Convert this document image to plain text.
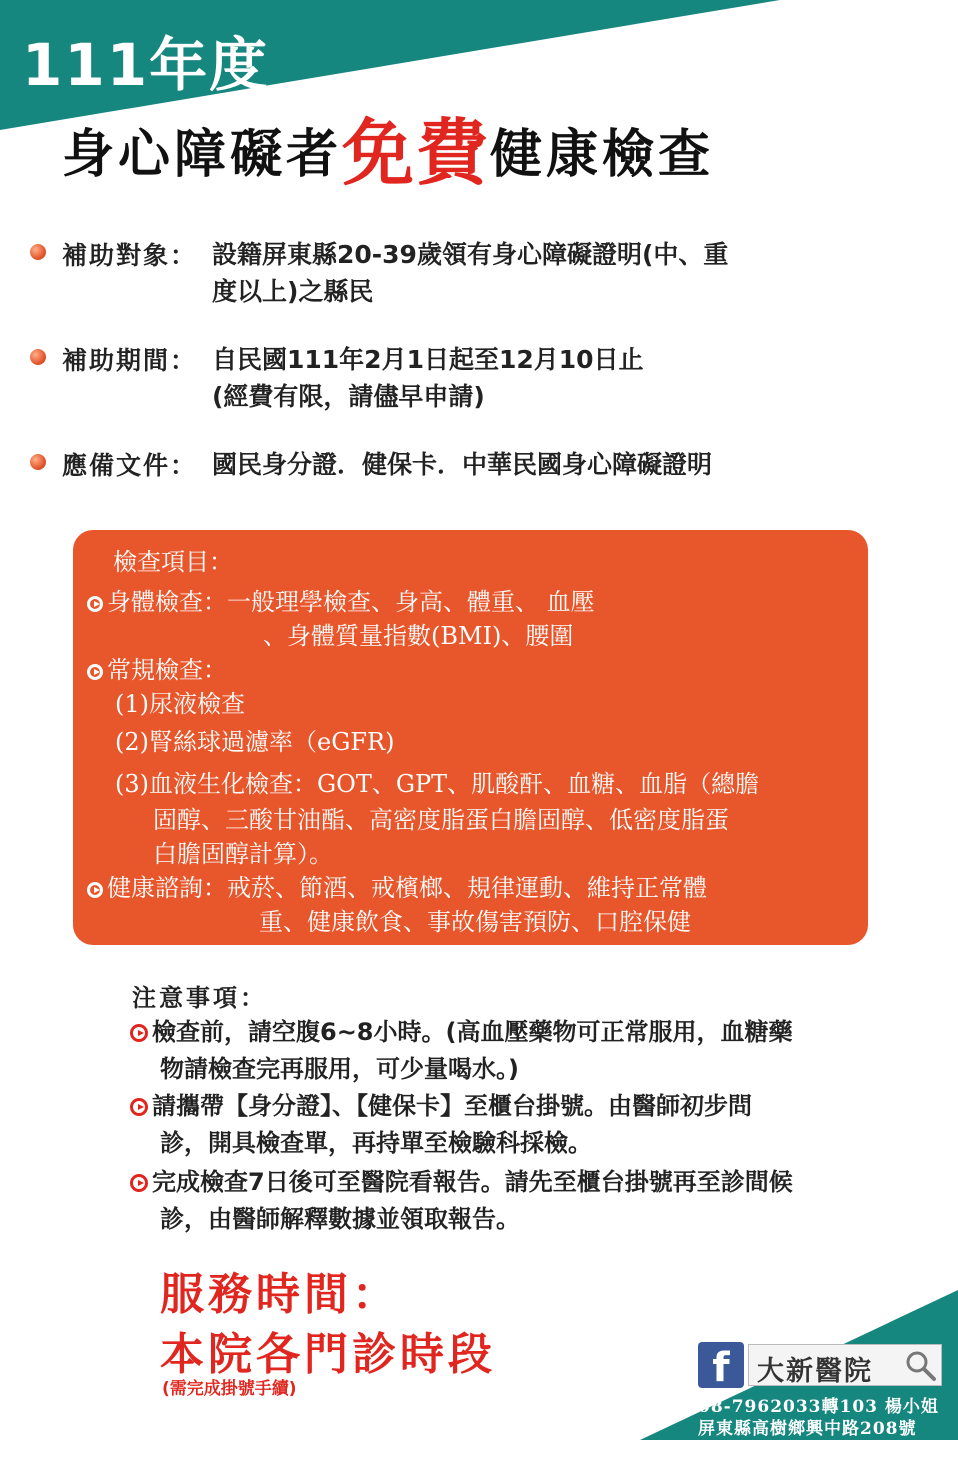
111年度
身心障礙者免費健康檢查
補助對象： 設籍屏東縣20-39歲領有身心障礙證明(中、重
度以上)之縣民
補助期間： 自民國111年2月1日起至12月10日止
(經費有限，請儘早申請)
應備文件： 國民身分證．健保卡．中華民國身心障礙證明
檢查項目：
身體檢查：一般理學檢查、身高、體重、 血壓
、身體質量指數(BMI)、腰圍
常規檢查：
(1)尿液檢查
(2)腎絲球過濾率（eGFR)
(3)血液生化檢查：GOT、GPT、肌酸酐、血糖、血脂（總膽
固醇、三酸甘油酯、高密度脂蛋白膽固醇、低密度脂蛋
白膽固醇計算）。
健康諮詢：戒菸、節酒、戒檳榔、規律運動、維持正常體
重、健康飲食、事故傷害預防、口腔保健
注意事項：
檢查前，請空腹6~8小時。(高血壓藥物可正常服用，血糖藥
物請檢查完再服用，可少量喝水。)
請攜帶【身分證】、【健保卡】至櫃台掛號。由醫師初步問
診，開具檢查單，再持單至檢驗科採檢。
完成檢查7日後可至醫院看報告。請先至櫃台掛號再至診間候
診，由醫師解釋數據並領取報告。
服務時間：
本院各門診時段
(需完成掛號手續)	大新醫院
Da-Sin Hospital
f	大新醫院
08-7962033轉103 楊小姐
屏東縣高樹鄉興中路208號
